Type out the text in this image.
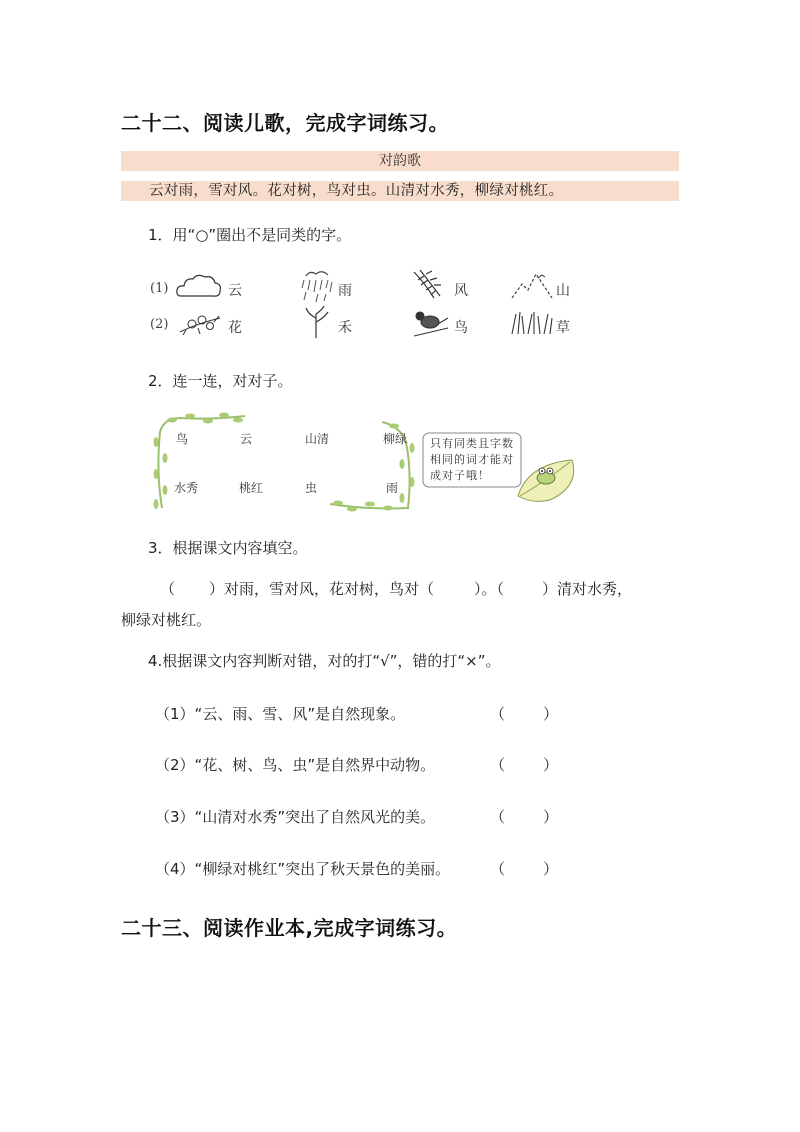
二十二、阅读儿歌，完成字词练习。
对韵歌
云对雨，雪对风。花对树，鸟对虫。山清对水秀，柳绿对桃红。
1．用“○”圈出不是同类的字。
(1)	云	雨	风	山
(2)	花	禾	鸟	草
2．连一连，对对子。
鸟	云	山清	柳绿
水秀	桃红	虫	雨
只有同类且字数
相同的词才能对
成对子哦！
3．根据课文内容填空。
（ ）对雨，雪对风，花对树，鸟对（	）。（	）清对水秀，
柳绿对桃红。
4.根据课文内容判断对错，对的打“√”，错的打“×”。
（1）“云、雨、雪、风”是自然现象。	（        ）
（2）“花、树、鸟、虫”是自然界中动物。	（        ）
（3）“山清对水秀”突出了自然风光的美。	（        ）
（4）“柳绿对桃红”突出了秋天景色的美丽。	（        ）
二十三、阅读作业本,完成字词练习。
